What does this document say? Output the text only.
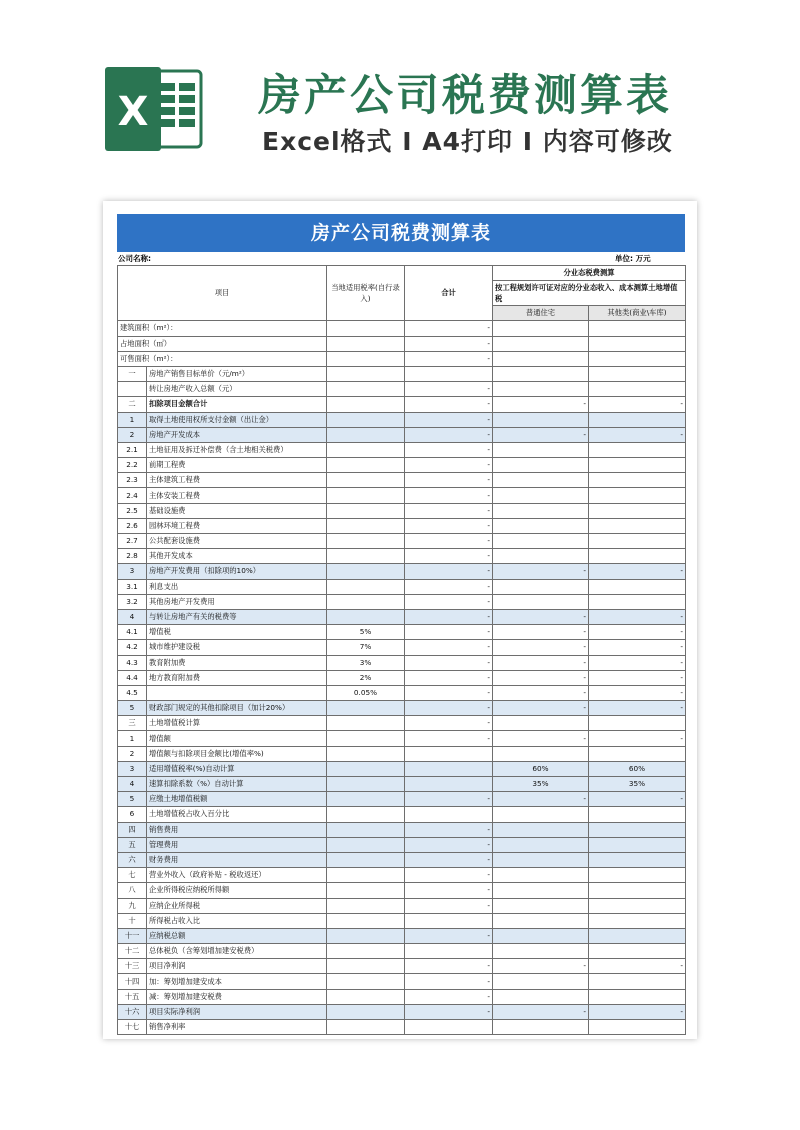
X	房产公司税费测算表
Excel格式 I A4打印 I 内容可修改
房产公司税费测算表
公司名称:	单位: 万元
项目		当地适用税率(自行录入)	合计	分业态税费测算	
				按工程规划许可证对应的分业态收入、成本测算土地增值税	
				普通住宅	其他类(商业\车库)
建筑面积（m²）：			-		
占地面积（㎡）			-		
可售面积（m²）：			-		
一	房地产销售目标单价（元/m²）				
	转让房地产收入总额（元）		-		
二	扣除项目金额合计		-	-	-
1	取得土地使用权所支付金额（出让金）		-		
2	房地产开发成本		-	-	-
2.1	土地征用及拆迁补偿费（含土地相关税费）		-		
2.2	前期工程费		-		
2.3	主体建筑工程费		-		
2.4	主体安装工程费		-		
2.5	基础设施费		-		
2.6	园林环境工程费		-		
2.7	公共配套设施费		-		
2.8	其他开发成本		-		
3	房地产开发费用（扣除项的10%）		-	-	-
3.1	利息支出		-		
3.2	其他房地产开发费用		-		
4	与转让房地产有关的税费等		-	-	-
4.1	增值税	5%	-	-	-
4.2	城市维护建设税	7%	-	-	-
4.3	教育附加费	3%	-	-	-
4.4	地方教育附加费	2%	-	-	-
4.5		0.05%	-	-	-
5	财政部门规定的其他扣除项目（加计20%）		-	-	-
三	土地增值税计算		-		
1	增值额		-	-	-
2	增值额与扣除项目金额比(增值率%)				
3	适用增值税率(%)自动计算			60%	60%
4	速算扣除系数（%）自动计算			35%	35%
5	应缴土地增值税额		-	-	-
6	土地增值税占收入百分比				
四	销售费用		-		
五	管理费用		-		
六	财务费用		-		
七	营业外收入（政府补贴 - 税收返还）		-		
八	企业所得税应纳税所得额		-		
九	应纳企业所得税		-		
十	所得税占收入比				
十一	应纳税总额		-		
十二	总体税负（含筹划增加建安税费）				
十三	项目净利润		-	-	-
十四	加：筹划增加建安成本		-		
十五	减：筹划增加建安税费		-		
十六	项目实际净利润		-	-	-
十七	销售净利率				
